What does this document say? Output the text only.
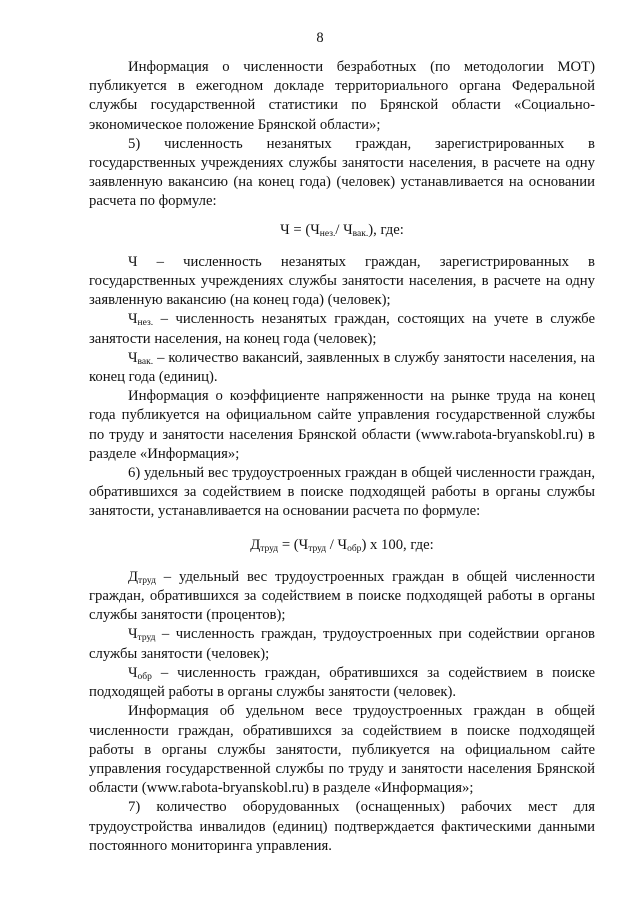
8

Информация о численности безработных (по методологии МОТ) публикуется в ежегодном докладе территориального органа Федеральной службы государственной статистики по Брянской области «Социально-экономическое положение Брянской области»;

5) численность незанятых граждан, зарегистрированных в государственных учреждениях службы занятости населения, в расчете на одну заявленную вакансию (на конец года) (человек) устанавливается на основании расчета по формуле:

$Ч = (Ч_{нез.}/$ $Ч_{вак.}$), где:

Ч – численность незанятых граждан, зарегистрированных в государственных учреждениях службы занятости населения, в расчете на одну заявленную вакансию (на конец года) (человек);

$Ч_{нез.}$ – численность незанятых граждан, состоящих на учете в службе занятости населения, на конец года (человек);

$Ч_{вак.}$ – количество вакансий, заявленных в службу занятости населения, на конец года (единиц).

Информация о коэффициенте напряженности на рынке труда на конец года публикуется на официальном сайте управления государственной службы по труду и занятости населения Брянской области (www.rabota-bryanskobl.ru) в разделе «Информация»;

6) удельный вес трудоустроенных граждан в общей численности граждан, обратившихся за содействием в поиске подходящей работы в органы службы занятости, устанавливается на основании расчета по формуле:

$Д_{труд} = (Ч_{труд} / Ч_{обр})$ x 100, где:

$Д_{труд}$ – удельный вес трудоустроенных граждан в общей численности граждан, обратившихся за содействием в поиске подходящей работы в органы службы занятости (процентов);

$Ч_{труд}$ – численность граждан, трудоустроенных при содействии органов службы занятости (человек);

$Ч_{обр}$ – численность граждан, обратившихся за содействием в поиске подходящей работы в органы службы занятости (человек).

Информация об удельном весе трудоустроенных граждан в общей численности граждан, обратившихся за содействием в поиске подходящей работы в органы службы занятости, публикуется на официальном сайте управления государственной службы по труду и занятости населения Брянской области (www.rabota-bryanskobl.ru) в разделе «Информация»;

7) количество оборудованных (оснащенных) рабочих мест для трудоустройства инвалидов (единиц) подтверждается фактическими данными постоянного мониторинга управления.
